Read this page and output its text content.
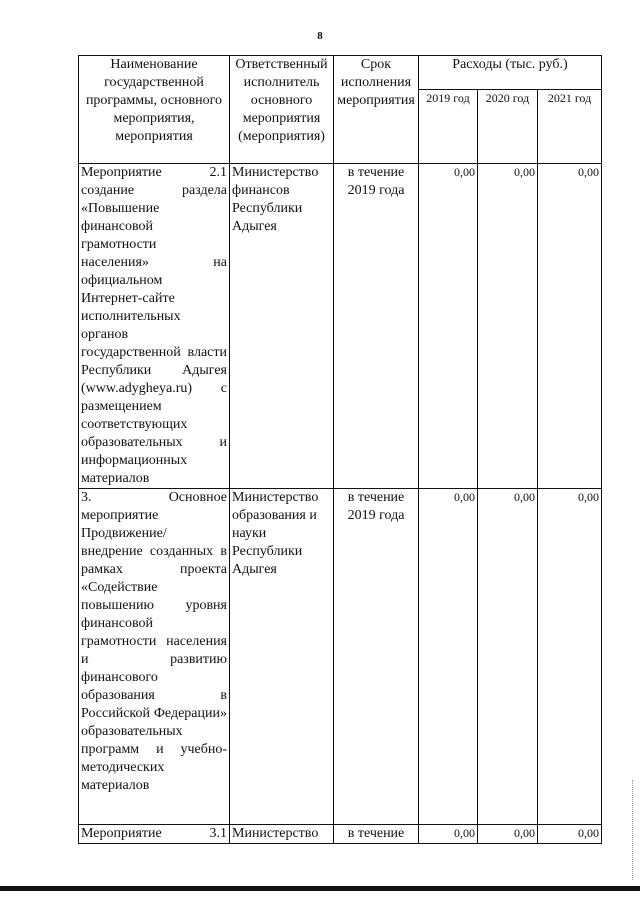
8
Наименование государственной программы, основного мероприятия, мероприятия	Ответственный исполнитель основного мероприятия (мероприятия)	Срок исполнения мероприятия	Расходы (тыс. руб.)		
			2019 год	2020 год	2021 год
Мероприятие 2.1 создание раздела «Повышение финансовой грамотности населения» на официальном Интернет-сайте исполнительных органов государственной власти Республики Адыгея (www.adygheya.ru) с размещением соответствующих образовательных и информационных материалов	Министерство финансов Республики Адыгея	в течение 2019 года	0,00	0,00	0,00
3. Основное мероприятие Продвижение/внедрение созданных в рамках проекта «Содействие повышению уровня финансовой грамотности населения и развитию финансового образования в Российской Федерации» образовательных программ и учебно-методических материалов	Министерство образования и науки Республики Адыгея	в течение 2019 года	0,00	0,00	0,00
Мероприятие 3.1	Министерство	в течение	0,00	0,00	0,00
